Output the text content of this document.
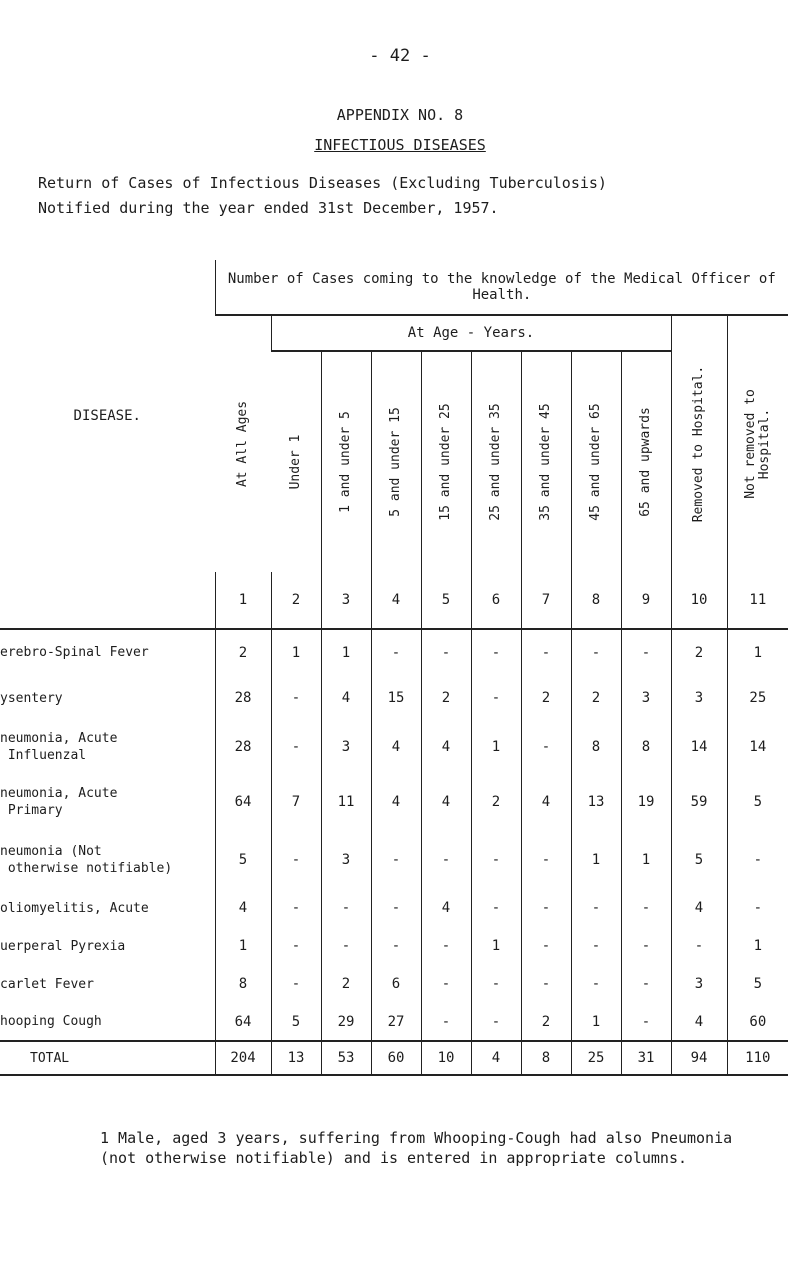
- 42 -
APPENDIX NO. 8
INFECTIOUS DISEASES
Return of Cases of Infectious Diseases (Excluding Tuberculosis)
Notified during the year ended 31st December, 1957.
DISEASE.	Number of Cases coming to the knowledge of the Medical Officer of Health.										

	At All Ages	At Age - Years.								Removed to Hospital.	Not removed to Hospital.

		Under 1	1 and under 5	5 and under 15	15 and under 25	25 and under 35	35 and under 45	45 and under 65	65 and upwards		

	1	2	3	4	5	6	7	8	9	10	11
erebro-Spinal Fever	2	1	1	-	-	-	-	-	-	2	1
ysentery	28	-	4	15	2	-	2	2	3	3	25
neumonia, Acute
Influenzal	28	-	3	4	4	1	-	8	8	14	14
neumonia, Acute
Primary	64	7	11	4	4	2	4	13	19	59	5
neumonia (Not
otherwise notifiable)	5	-	3	-	-	-	-	1	1	5	-
oliomyelitis, Acute	4	-	-	-	4	-	-	-	-	4	-
uerperal Pyrexia	1	-	-	-	-	1	-	-	-	-	1
carlet Fever	8	-	2	6	-	-	-	-	-	3	5
hooping Cough	64	5	29	27	-	-	2	1	-	4	60
TOTAL	204	13	53	60	10	4	8	25	31	94	110
1 Male, aged 3 years, suffering from Whooping-Cough had also Pneumonia
(not otherwise notifiable) and is entered in appropriate columns.
